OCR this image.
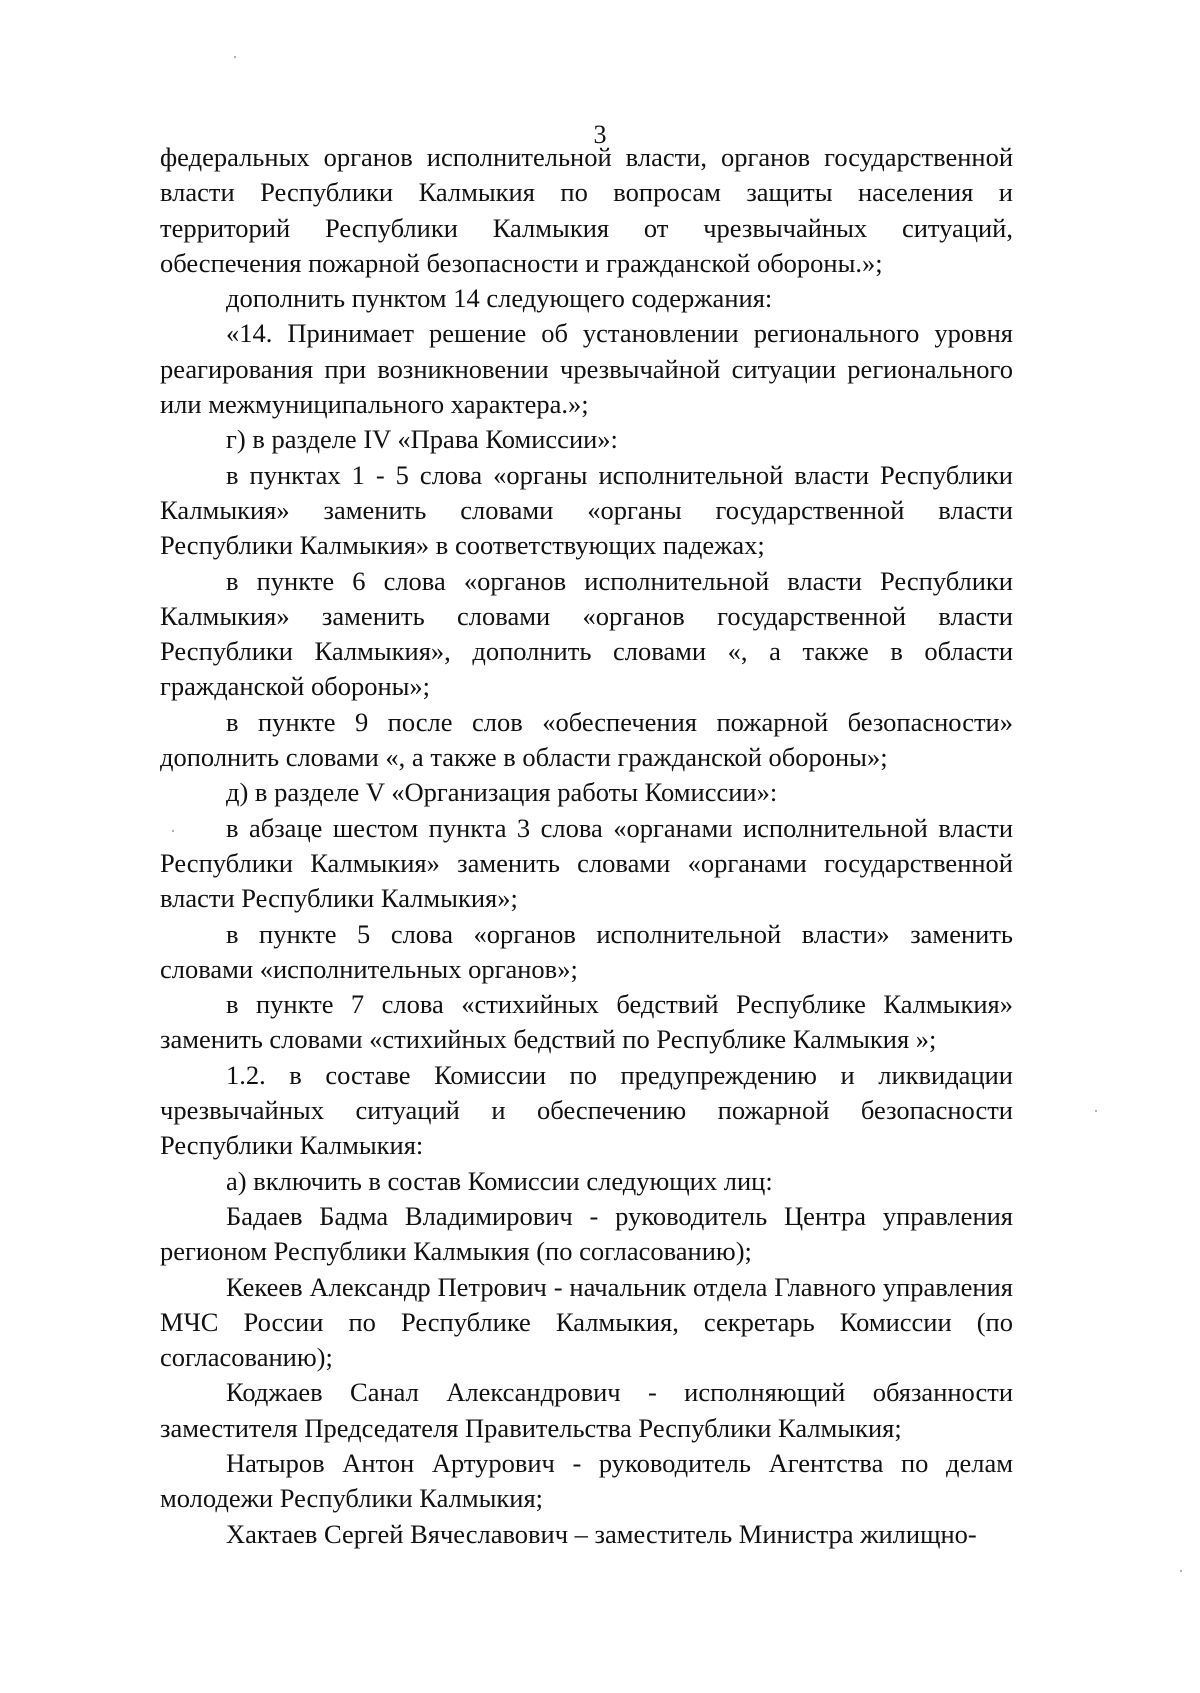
3

федеральных органов исполнительной власти, органов государственной власти Республики Калмыкия по вопросам защиты населения и территорий Республики Калмыкия от чрезвычайных ситуаций, обеспечения пожарной безопасности и гражданской обороны.»;

дополнить пунктом 14 следующего содержания:

«14. Принимает решение об установлении регионального уровня реагирования при возникновении чрезвычайной ситуации регионального или межмуниципального характера.»;

г) в разделе IV «Права Комиссии»:

в пунктах 1 - 5 слова «органы исполнительной власти Республики Калмыкия» заменить словами «органы государственной власти Республики Калмыкия» в соответствующих падежах;

в пункте 6 слова «органов исполнительной власти Республики Калмыкия» заменить словами «органов государственной власти Республики Калмыкия», дополнить словами «, а также в области гражданской обороны»;

в пункте 9 после слов «обеспечения пожарной безопасности» дополнить словами «, а также в области гражданской обороны»;

д) в разделе V «Организация работы Комиссии»:

в абзаце шестом пункта 3 слова «органами исполнительной власти Республики Калмыкия» заменить словами «органами государственной власти Республики Калмыкия»;

в пункте 5 слова «органов исполнительной власти» заменить словами «исполнительных органов»;

в пункте 7 слова «стихийных бедствий Республике Калмыкия» заменить словами «стихийных бедствий по Республике Калмыкия »;

1.2. в составе Комиссии по предупреждению и ликвидации чрезвычайных ситуаций и обеспечению пожарной безопасности Республики Калмыкия:

а) включить в состав Комиссии следующих лиц:

Бадаев Бадма Владимирович - руководитель Центра управления регионом Республики Калмыкия (по согласованию);

Кекеев Александр Петрович - начальник отдела Главного управления МЧС России по Республике Калмыкия, секретарь Комиссии (по согласованию);

Коджаев Санал Александрович - исполняющий обязанности заместителя Председателя Правительства Республики Калмыкия;

Натыров Антон Артурович - руководитель Агентства по делам молодежи Республики Калмыкия;

Хактаев Сергей Вячеславович – заместитель Министра жилищно-
